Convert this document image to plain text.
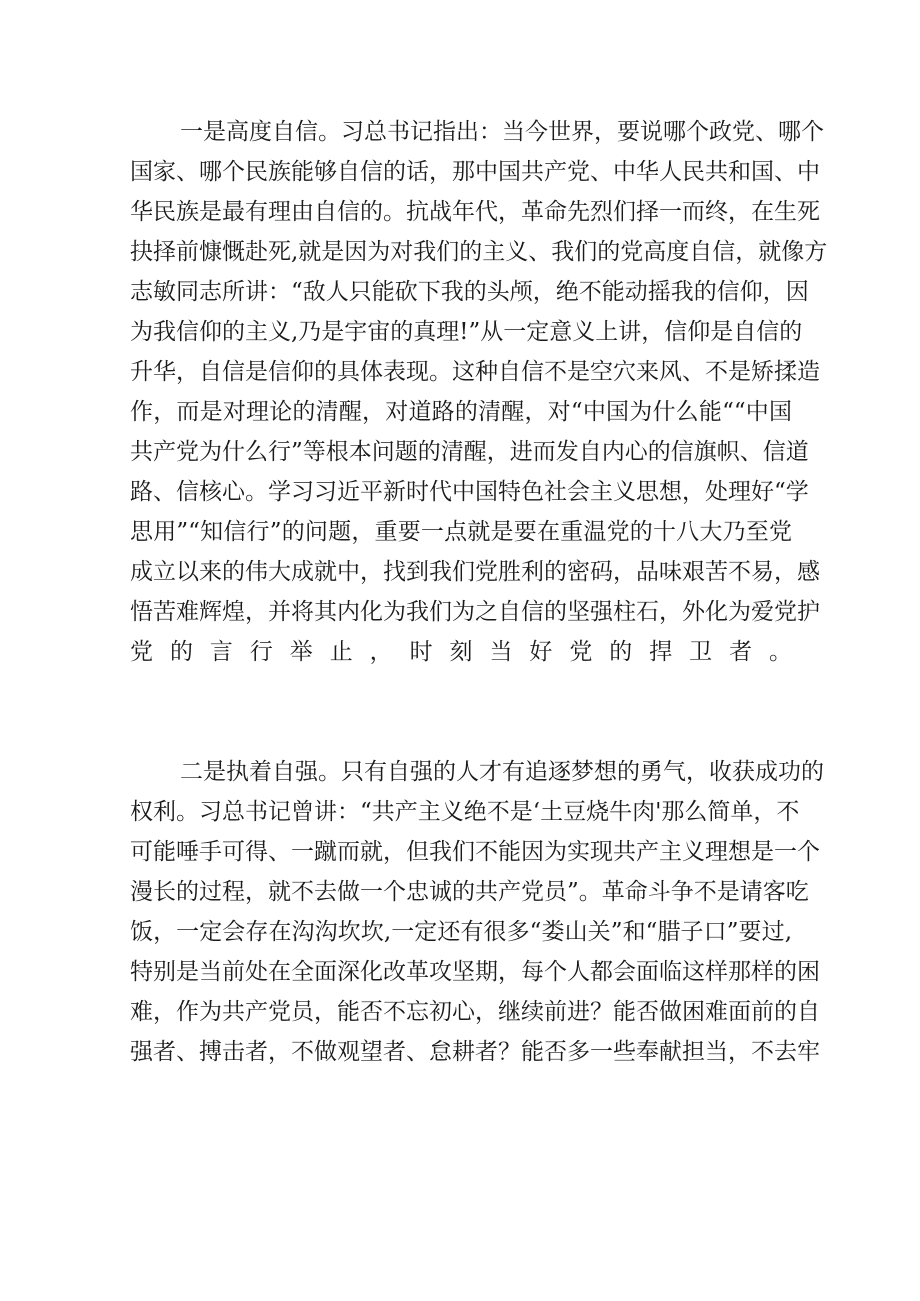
一是高度自信。习总书记指出：当今世界，要说哪个政党、哪个
国家、哪个民族能够自信的话，那中国共产党、中华人民共和国、中
华民族是最有理由自信的。抗战年代，革命先烈们择一而终，在生死
抉择前慷慨赴死,就是因为对我们的主义、我们的党高度自信，就像方
志敏同志所讲：“敌人只能砍下我的头颅，绝不能动摇我的信仰，因
为我信仰的主义,乃是宇宙的真理!”从一定意义上讲，信仰是自信的
升华，自信是信仰的具体表现。这种自信不是空穴来风、不是矫揉造
作，而是对理论的清醒，对道路的清醒，对“中国为什么能““中国
共产党为什么行”等根本问题的清醒，进而发自内心的信旗帜、信道
路、信核心。学习习近平新时代中国特色社会主义思想，处理好“学
思用”“知信行”的问题，重要一点就是要在重温党的十八大乃至党
成立以来的伟大成就中，找到我们党胜利的密码，品味艰苦不易，感
悟苦难辉煌，并将其内化为我们为之自信的坚强柱石，外化为爱党护
党的言行举止，时刻当好党的捍卫者。
二是执着自强。只有自强的人才有追逐梦想的勇气，收获成功的
权利。习总书记曾讲：“共产主义绝不是‘土豆烧牛肉'那么简单，不
可能唾手可得、一蹴而就，但我们不能因为实现共产主义理想是一个
漫长的过程，就不去做一个忠诚的共产党员”。革命斗争不是请客吃
饭，一定会存在沟沟坎坎,一定还有很多“娄山关”和“腊子口”要过,
特别是当前处在全面深化改革攻坚期，每个人都会面临这样那样的困
难，作为共产党员，能否不忘初心，继续前进？能否做困难面前的自
强者、搏击者，不做观望者、怠耕者？能否多一些奉献担当，不去牢
